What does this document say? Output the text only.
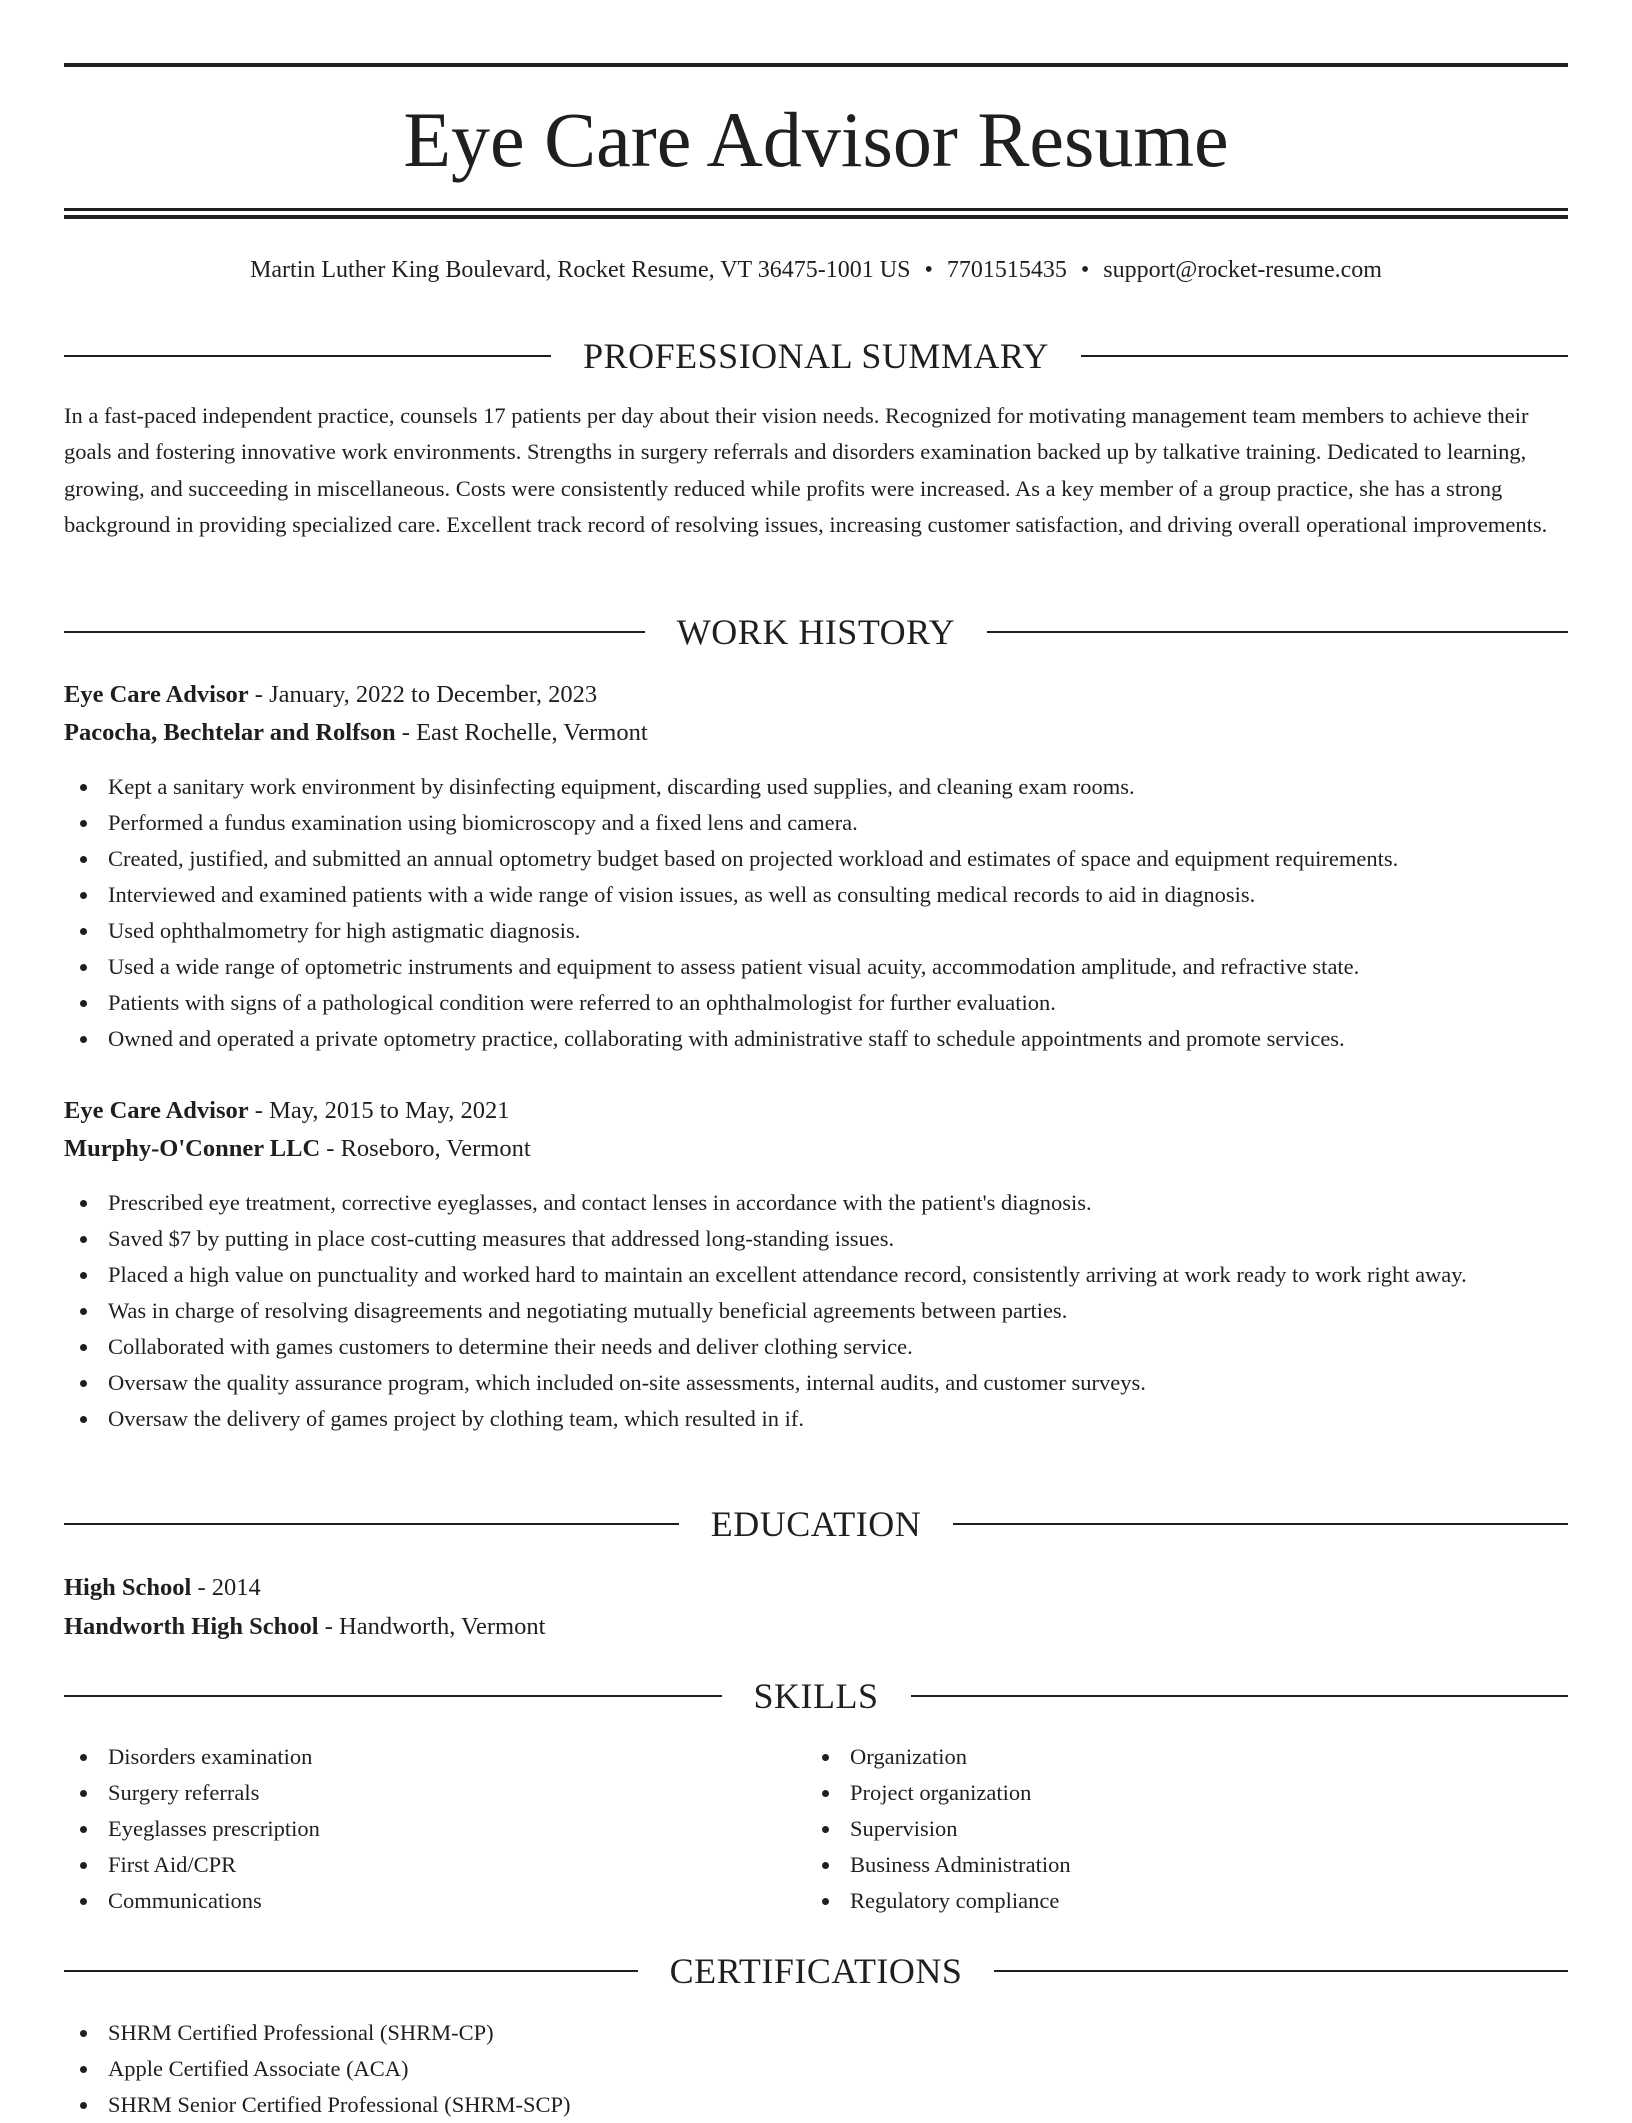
Eye Care Advisor Resume
Martin Luther King Boulevard, Rocket Resume, VT 36475-1001 US • 7701515435 • support@rocket-resume.com
PROFESSIONAL SUMMARY

In a fast-paced independent practice, counsels 17 patients per day about their vision needs. Recognized for motivating management team members to achieve their goals and fostering innovative work environments. Strengths in surgery referrals and disorders examination backed up by talkative training. Dedicated to learning, growing, and succeeding in miscellaneous. Costs were consistently reduced while profits were increased. As a key member of a group practice, she has a strong background in providing specialized care. Excellent track record of resolving issues, increasing customer satisfaction, and driving overall operational improvements.

WORK HISTORY
Eye Care Advisor - January, 2022 to December, 2023
Pacocha, Bechtelar and Rolfson - East Rochelle, Vermont
Kept a sanitary work environment by disinfecting equipment, discarding used supplies, and cleaning exam rooms.
Performed a fundus examination using biomicroscopy and a fixed lens and camera.
Created, justified, and submitted an annual optometry budget based on projected workload and estimates of space and equipment requirements.
Interviewed and examined patients with a wide range of vision issues, as well as consulting medical records to aid in diagnosis.
Used ophthalmometry for high astigmatic diagnosis.
Used a wide range of optometric instruments and equipment to assess patient visual acuity, accommodation amplitude, and refractive state.
Patients with signs of a pathological condition were referred to an ophthalmologist for further evaluation.
Owned and operated a private optometry practice, collaborating with administrative staff to schedule appointments and promote services.
Eye Care Advisor - May, 2015 to May, 2021
Murphy-O'Conner LLC - Roseboro, Vermont
Prescribed eye treatment, corrective eyeglasses, and contact lenses in accordance with the patient's diagnosis.
Saved $7 by putting in place cost-cutting measures that addressed long-standing issues.
Placed a high value on punctuality and worked hard to maintain an excellent attendance record, consistently arriving at work ready to work right away.
Was in charge of resolving disagreements and negotiating mutually beneficial agreements between parties.
Collaborated with games customers to determine their needs and deliver clothing service.
Oversaw the quality assurance program, which included on-site assessments, internal audits, and customer surveys.
Oversaw the delivery of games project by clothing team, which resulted in if.
EDUCATION
High School - 2014
Handworth High School - Handworth, Vermont
SKILLS
Disorders examination
Surgery referrals
Eyeglasses prescription
First Aid/CPR
Communications
Organization
Project organization
Supervision
Business Administration
Regulatory compliance
CERTIFICATIONS
SHRM Certified Professional (SHRM-CP)
Apple Certified Associate (ACA)
SHRM Senior Certified Professional (SHRM-SCP)
